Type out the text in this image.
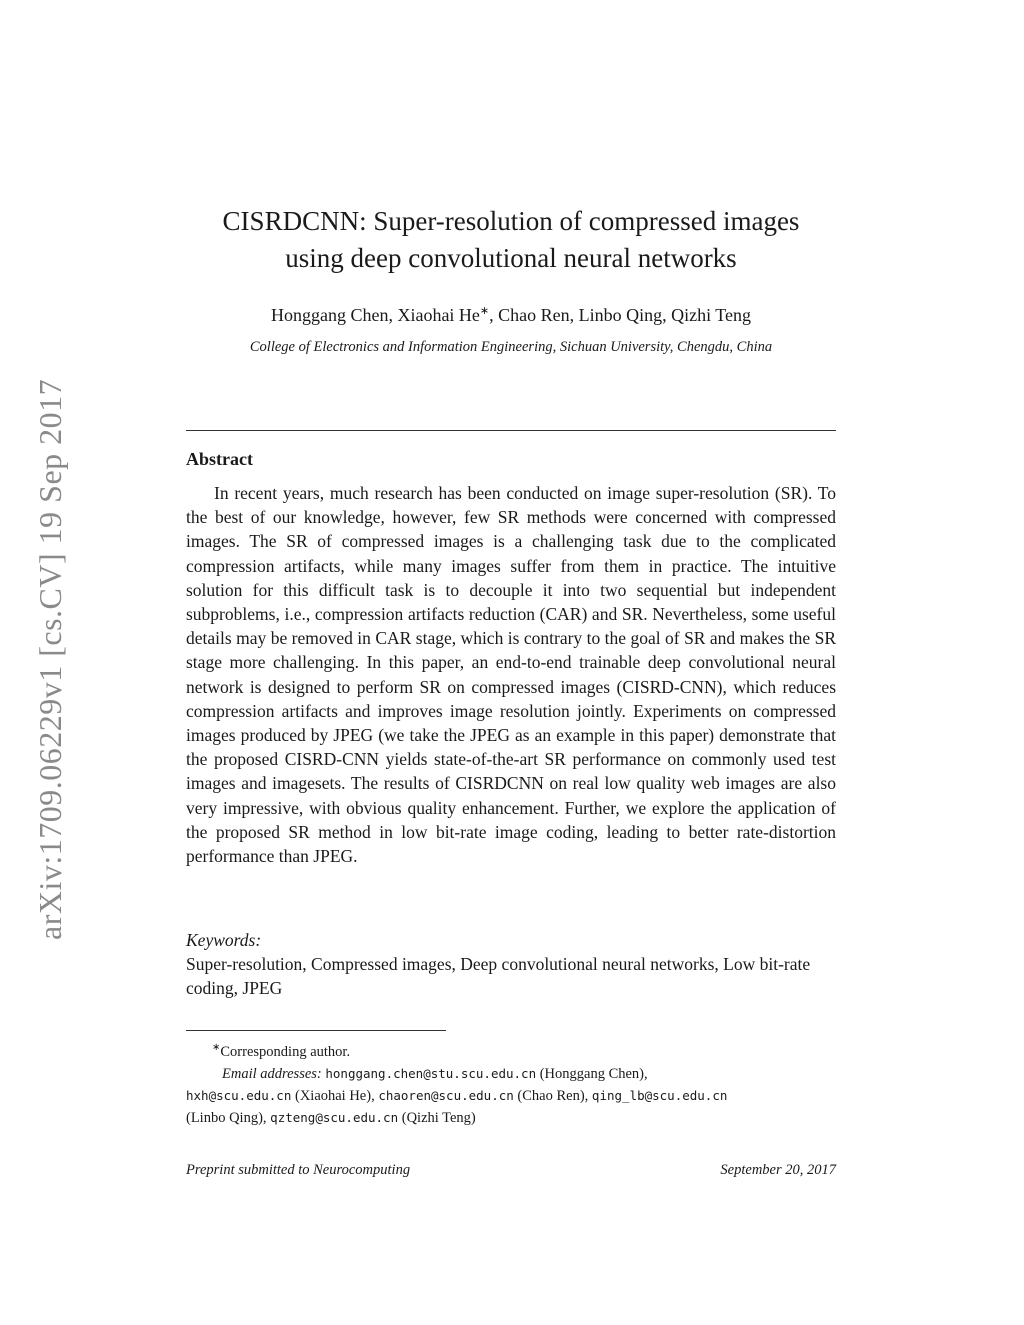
arXiv:1709.06229v1 [cs.CV] 19 Sep 2017
CISRDCNN: Super-resolution of compressed images
using deep convolutional neural networks
Honggang Chen, Xiaohai He∗, Chao Ren, Linbo Qing, Qizhi Teng
College of Electronics and Information Engineering, Sichuan University, Chengdu, China
Abstract
In recent years, much research has been conducted on image super-resolution (SR). To the best of our knowledge, however, few SR methods were concerned with compressed images. The SR of compressed images is a challenging task due to the complicated compression artifacts, while many images suffer from them in practice. The intuitive solution for this difficult task is to decouple it into two sequential but independent subproblems, i.e., compression artifacts reduction (CAR) and SR. Nevertheless, some useful details may be removed in CAR stage, which is contrary to the goal of SR and makes the SR stage more challenging. In this paper, an end-to-end trainable deep convolutional neural network is designed to perform SR on compressed images (CISRD-CNN), which reduces compression artifacts and improves image resolution jointly. Experiments on compressed images produced by JPEG (we take the JPEG as an example in this paper) demonstrate that the proposed CISRD-CNN yields state-of-the-art SR performance on commonly used test images and imagesets. The results of CISRDCNN on real low quality web images are also very impressive, with obvious quality enhancement. Further, we explore the application of the proposed SR method in low bit-rate image coding, leading to better rate-distortion performance than JPEG.
Keywords:
Super-resolution, Compressed images, Deep convolutional neural networks, Low bit-rate coding, JPEG
∗Corresponding author.
Email addresses: honggang.chen@stu.scu.edu.cn (Honggang Chen),
hxh@scu.edu.cn (Xiaohai He), chaoren@scu.edu.cn (Chao Ren), qing_lb@scu.edu.cn
(Linbo Qing), qzteng@scu.edu.cn (Qizhi Teng)
Preprint submitted to Neurocomputing	September 20, 2017
